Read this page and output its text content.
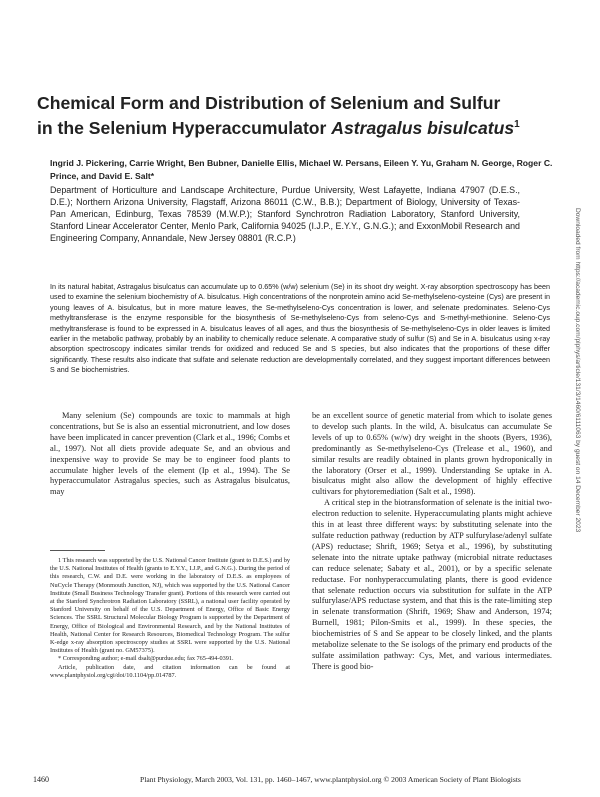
Chemical Form and Distribution of Selenium and Sulfur
in the Selenium Hyperaccumulator Astragalus bisulcatus$^1$
Ingrid J. Pickering, Carrie Wright, Ben Bubner, Danielle Ellis, Michael W. Persans, Eileen Y. Yu, Graham N. George, Roger C. Prince, and David E. Salt*
Department of Horticulture and Landscape Architecture, Purdue University, West Lafayette, Indiana 47907 (D.E.S., D.E.); Northern Arizona University, Flagstaff, Arizona 86011 (C.W., B.B.); Department of Biology, University of Texas-Pan American, Edinburg, Texas 78539 (M.W.P.); Stanford Synchrotron Radiation Laboratory, Stanford University, Stanford Linear Accelerator Center, Menlo Park, California 94025 (I.J.P., E.Y.Y., G.N.G.); and ExxonMobil Research and Engineering Company, Annandale, New Jersey 08801 (R.C.P.)
In its natural habitat, Astragalus bisulcatus can accumulate up to 0.65% (w/w) selenium (Se) in its shoot dry weight. X-ray absorption spectroscopy has been used to examine the selenium biochemistry of A. bisulcatus. High concentrations of the nonprotein amino acid Se-methylseleno-cysteine (Cys) are present in young leaves of A. bisulcatus, but in more mature leaves, the Se-methylseleno-Cys concentration is lower, and selenate predominates. Seleno-Cys methyltransferase is the enzyme responsible for the biosynthesis of Se-methylseleno-Cys from seleno-Cys and S-methyl-methionine. Seleno-Cys methyltransferase is found to be expressed in A. bisulcatus leaves of all ages, and thus the biosynthesis of Se-methylseleno-Cys in older leaves is limited earlier in the metabolic pathway, probably by an inability to chemically reduce selenate. A comparative study of sulfur (S) and Se in A. bisulcatus using x-ray absorption spectroscopy indicates similar trends for oxidized and reduced Se and S species, but also indicates that the proportions of these differ significantly. These results also indicate that sulfate and selenate reduction are developmentally correlated, and they suggest important differences between S and Se biochemistries.

Many selenium (Se) compounds are toxic to mammals at high concentrations, but Se is also an essential micronutrient, and low doses have been implicated in cancer prevention (Clark et al., 1996; Combs et al., 1997). Not all diets provide adequate Se, and an obvious and inexpensive way to provide Se may be to engineer food plants to accumulate higher levels of the element (Ip et al., 1994). The Se hyperaccumulator Astragalus species, such as Astragalus bisulcatus, may

1 This research was supported by the U.S. National Cancer Institute (grant to D.E.S.) and by the U.S. National Institutes of Health (grants to E.Y.Y., I.J.P., and G.N.G.). During the period of this research, C.W. and D.E. were working in the laboratory of D.E.S. as employees of NuCycle Therapy (Monmouth Junction, NJ), which was supported by the U.S. National Cancer Institute (Small Business Technology Transfer grant). Portions of this research were carried out at the Stanford Synchrotron Radiation Laboratory (SSRL), a national user facility operated by Stanford University on behalf of the U.S. Department of Energy, Office of Basic Energy Sciences. The SSRL Structural Molecular Biology Program is supported by the Department of Energy, Office of Biological and Environmental Research, and by the National Institutes of Health, National Center for Research Resources, Biomedical Technology Program. The sulfur K-edge x-ray absorption spectroscopy studies at SSRL were supported by the U.S. National Institutes of Health (grant no. GM57375).

* Corresponding author; e-mail dsalt@purdue.edu; fax 765-494-0391.

Article, publication date, and citation information can be found at www.plantphysiol.org/cgi/doi/10.1104/pp.014787.

be an excellent source of genetic material from which to isolate genes to develop such plants. In the wild, A. bisulcatus can accumulate Se levels of up to 0.65% (w/w) dry weight in the shoots (Byers, 1936), predominantly as Se-methylseleno-Cys (Trelease et al., 1960), and similar results are readily obtained in plants grown hydroponically in the laboratory (Orser et al., 1999). Understanding Se uptake in A. bisulcatus might also allow the development of highly effective cultivars for phytoremediation (Salt et al., 1998).

A critical step in the biotransformation of selenate is the initial two-electron reduction to selenite. Hyperaccumulating plants might achieve this in at least three different ways: by substituting selenate into the sulfate reduction pathway (reduction by ATP sulfurylase/adenyl sulfate (APS) reductase; Shrift, 1969; Setya et al., 1996), by substituting selenate into the nitrate uptake pathway (microbial nitrate reductases can reduce selenate; Sabaty et al., 2001), or by a specific selenate reductase. For nonhyperaccumulating plants, there is good evidence that selenate reduction occurs via substitution for sulfate in the ATP sulfurylase/APS reductase system, and that this is the rate-limiting step in selenate transformation (Shrift, 1969; Shaw and Anderson, 1974; Burnell, 1981; Pilon-Smits et al., 1999). In these species, the biochemistries of S and Se appear to be closely linked, and the plants metabolize selenate to the Se isologs of the primary end products of the sulfate assimilation pathway: Cys, Met, and various intermediates. There is good bio-

1460	Plant Physiology, March 2003, Vol. 131, pp. 1460–1467, www.plantphysiol.org © 2003 American Society of Plant Biologists
Downloaded from https://academic.oup.com/plphys/article/131/3/1460/6111063 by guest on 14 December 2023
